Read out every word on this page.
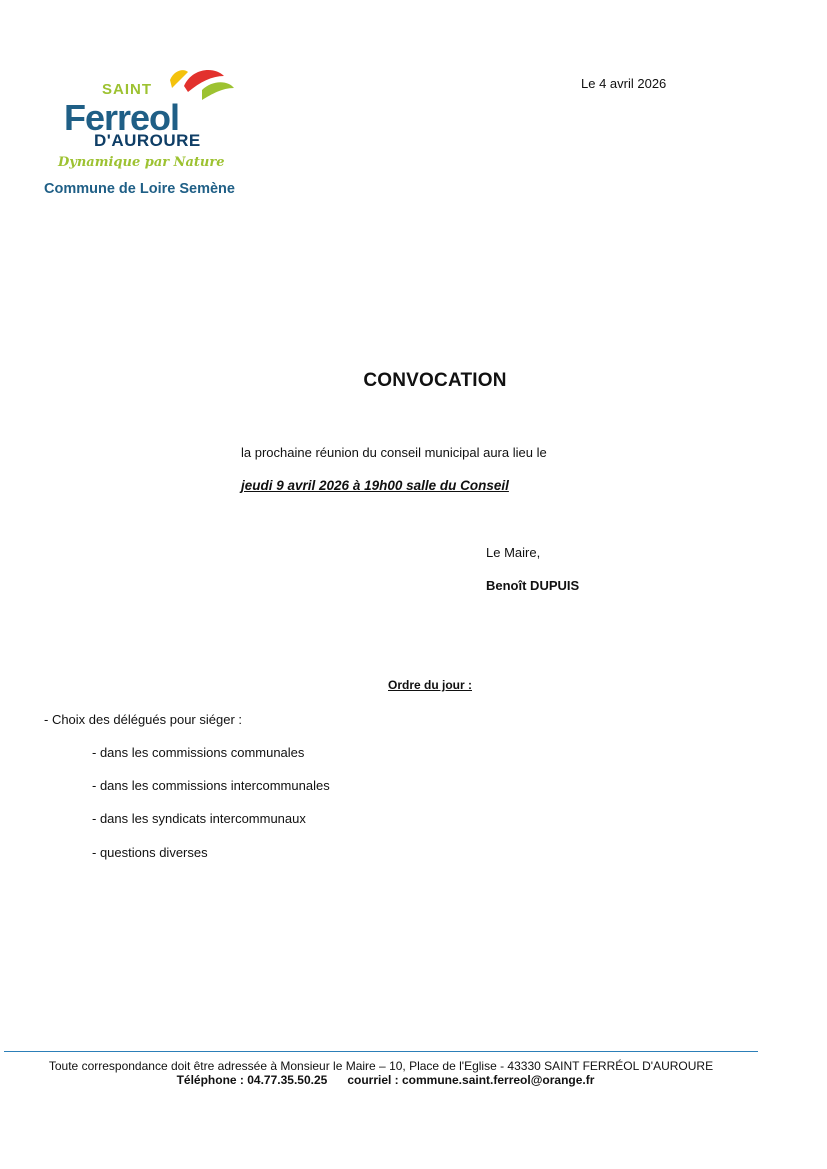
SAINT
Ferreol
D'AUROURE
Dynamique par Nature
Commune de Loire Semène
Le 4 avril 2026
CONVOCATION
la prochaine réunion du conseil municipal aura lieu le
jeudi 9 avril 2026 à 19h00 salle du Conseil
Le Maire,
Benoît DUPUIS
Ordre du jour :
- Choix des délégués pour siéger :
- dans les commissions communales
- dans les commissions intercommunales
- dans les syndicats intercommunaux
- questions diverses
Toute correspondance doit être adressée à Monsieur le Maire – 10, Place de l'Eglise - 43330 SAINT FERRÉOL D'AUROURE
Téléphone : 04.77.35.50.25      courriel : commune.saint.ferreol@orange.fr
